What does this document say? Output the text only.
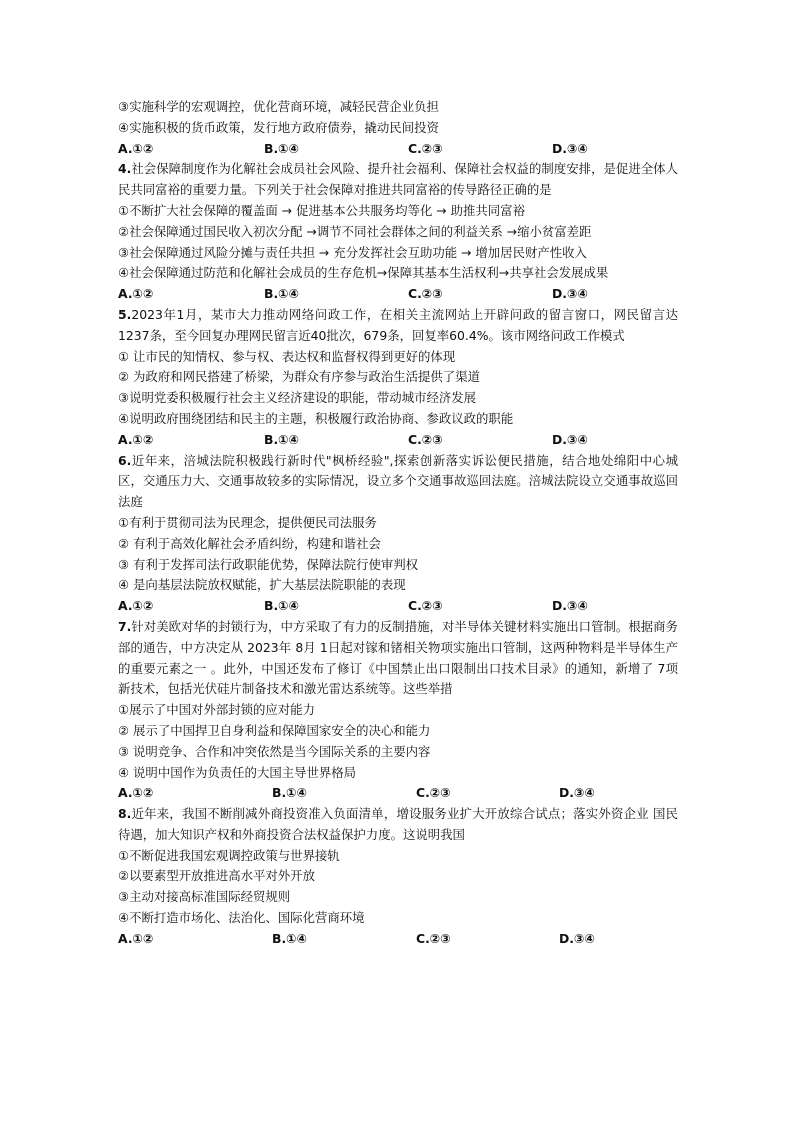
③实施科学的宏观调控，优化营商环境，减轻民营企业负担
④实施积极的货币政策，发行地方政府债券，撬动民间投资
A.①②	B.①④	C.②③	D.③④
4.社会保障制度作为化解社会成员社会风险、提升社会福利、保障社会权益的制度安排，是促进全体人民共同富裕的重要力量。下列关于社会保障对推进共同富裕的传导路径正确的是
①不断扩大社会保障的覆盖面 → 促进基本公共服务均等化 → 助推共同富裕
②社会保障通过国民收入初次分配 →调节不同社会群体之间的利益关系 →缩小贫富差距
③社会保障通过风险分摊与责任共担 → 充分发挥社会互助功能 → 增加居民财产性收入
④社会保障通过防范和化解社会成员的生存危机→保障其基本生活权利→共享社会发展成果
A.①②	B.①④	C.②③	D.③④
5.2023年1月，某市大力推动网络问政工作，在相关主流网站上开辟问政的留言窗口，网民留言达1237条，至今回复办理网民留言近40批次，679条，回复率60.4%。该市网络问政工作模式
① 让市民的知情权、参与权、表达权和监督权得到更好的体现
② 为政府和网民搭建了桥梁，为群众有序参与政治生活提供了渠道
③说明党委积极履行社会主义经济建设的职能，带动城市经济发展
④说明政府围绕团结和民主的主题，积极履行政治协商、参政议政的职能
A.①②	B.①④	C.②③	D.③④
6.近年来，涪城法院积极践行新时代"枫桥经验",探索创新落实诉讼便民措施，结合地处绵阳中心城区，交通压力大、交通事故较多的实际情况，设立多个交通事故巡回法庭。涪城法院设立交通事故巡回法庭
①有利于贯彻司法为民理念，提供便民司法服务
② 有利于高效化解社会矛盾纠纷，构建和谐社会
③ 有利于发挥司法行政职能优势，保障法院行使审判权
④ 是向基层法院放权赋能，扩大基层法院职能的表现
A.①②	B.①④	C.②③	D.③④
7.针对美欧对华的封锁行为，中方采取了有力的反制措施，对半导体关键材料实施出口管制。根据商务部的通告，中方决定从 2023年 8月 1日起对镓和锗相关物项实施出口管制，这两种物料是半导体生产的重要元素之一 。此外，中国还发布了修订《中国禁止出口限制出口技术目录》的通知，新增了 7项新技术，包括光伏硅片制备技术和激光雷达系统等。这些举措
①展示了中国对外部封锁的应对能力
② 展示了中国捍卫自身利益和保障国家安全的决心和能力
③ 说明竞争、合作和冲突依然是当今国际关系的主要内容
④ 说明中国作为负责任的大国主导世界格局
A.①②	B.①④	C.②③	D.③④
8.近年来，我国不断削减外商投资准入负面清单，增设服务业扩大开放综合试点；落实外资企业 国民待遇，加大知识产权和外商投资合法权益保护力度。这说明我国
①不断促进我国宏观调控政策与世界接轨
②以要素型开放推进高水平对外开放
③主动对接高标准国际经贸规则
④不断打造市场化、法治化、国际化营商环境
A.①②	B.①④	C.②③	D.③④
